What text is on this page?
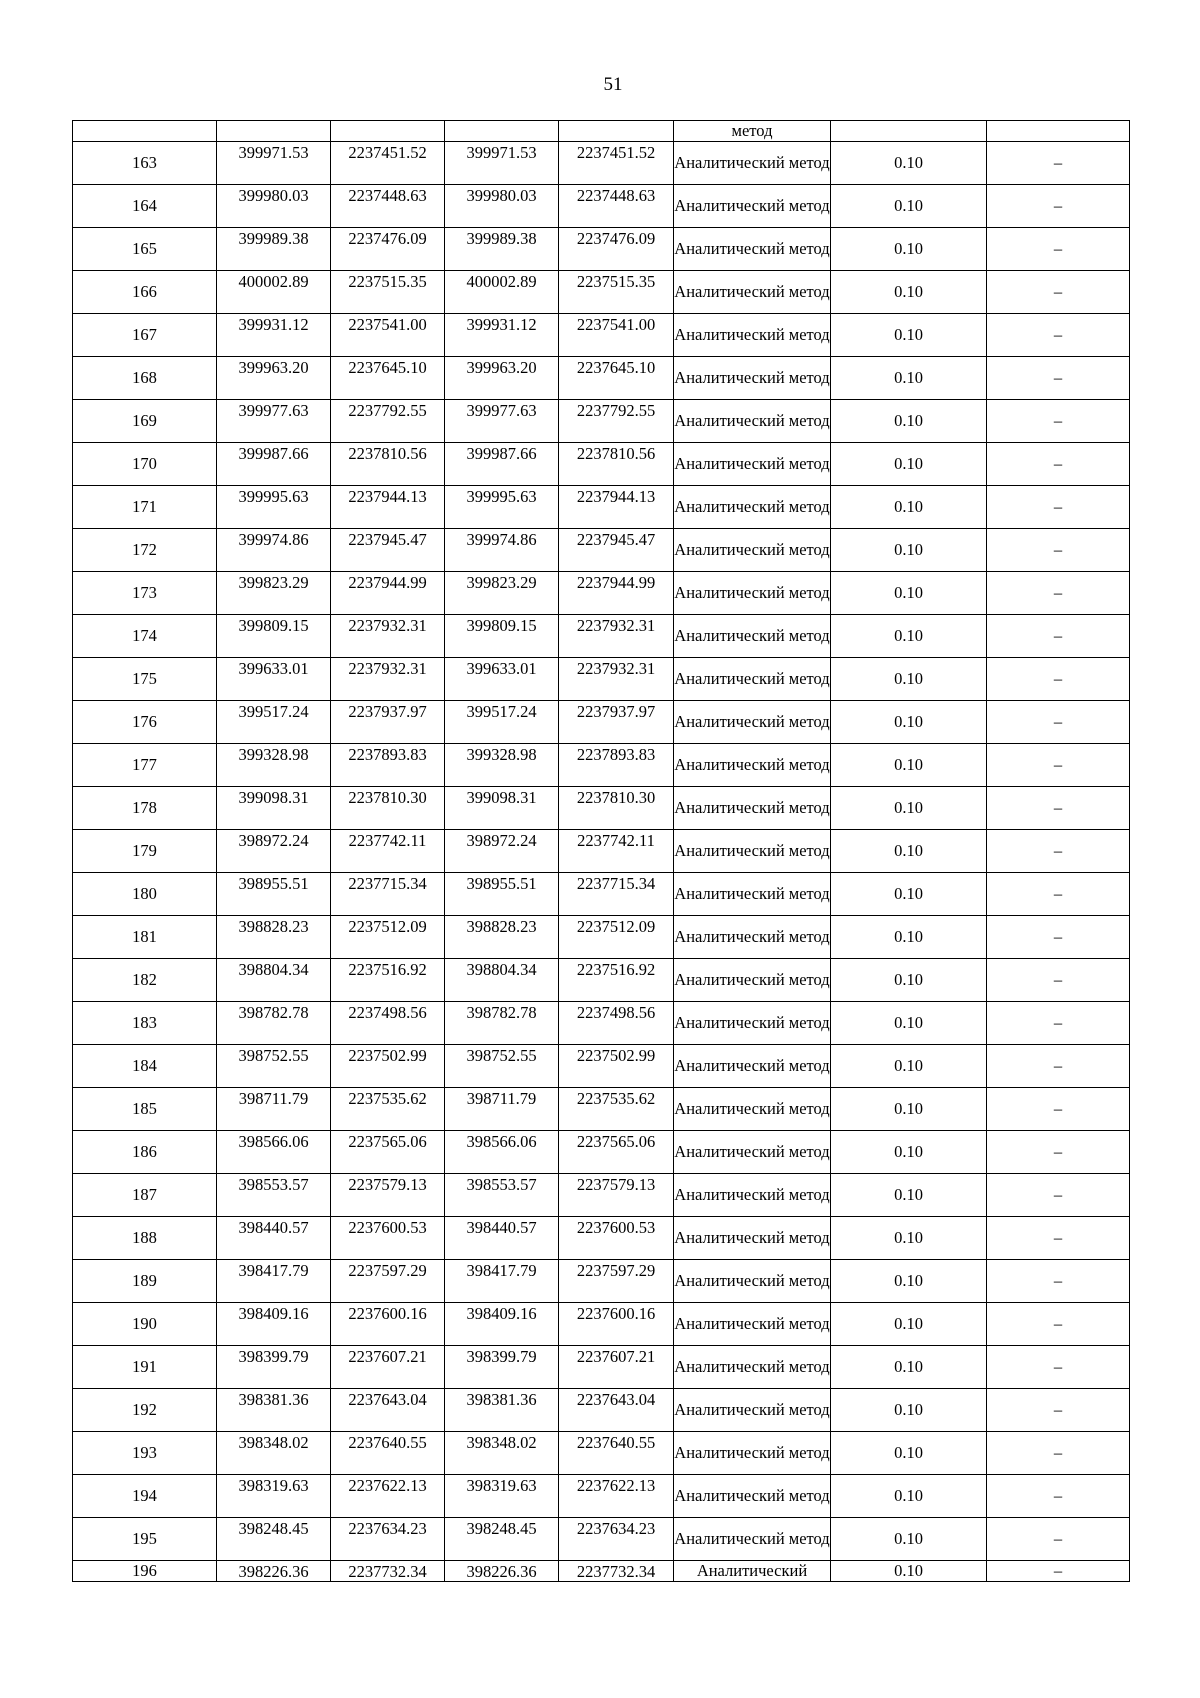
51
					метод		
163	399971.53	2237451.52	399971.53	2237451.52	Аналитический метод	0.10	–
164	399980.03	2237448.63	399980.03	2237448.63	Аналитический метод	0.10	–
165	399989.38	2237476.09	399989.38	2237476.09	Аналитический метод	0.10	–
166	400002.89	2237515.35	400002.89	2237515.35	Аналитический метод	0.10	–
167	399931.12	2237541.00	399931.12	2237541.00	Аналитический метод	0.10	–
168	399963.20	2237645.10	399963.20	2237645.10	Аналитический метод	0.10	–
169	399977.63	2237792.55	399977.63	2237792.55	Аналитический метод	0.10	–
170	399987.66	2237810.56	399987.66	2237810.56	Аналитический метод	0.10	–
171	399995.63	2237944.13	399995.63	2237944.13	Аналитический метод	0.10	–
172	399974.86	2237945.47	399974.86	2237945.47	Аналитический метод	0.10	–
173	399823.29	2237944.99	399823.29	2237944.99	Аналитический метод	0.10	–
174	399809.15	2237932.31	399809.15	2237932.31	Аналитический метод	0.10	–
175	399633.01	2237932.31	399633.01	2237932.31	Аналитический метод	0.10	–
176	399517.24	2237937.97	399517.24	2237937.97	Аналитический метод	0.10	–
177	399328.98	2237893.83	399328.98	2237893.83	Аналитический метод	0.10	–
178	399098.31	2237810.30	399098.31	2237810.30	Аналитический метод	0.10	–
179	398972.24	2237742.11	398972.24	2237742.11	Аналитический метод	0.10	–
180	398955.51	2237715.34	398955.51	2237715.34	Аналитический метод	0.10	–
181	398828.23	2237512.09	398828.23	2237512.09	Аналитический метод	0.10	–
182	398804.34	2237516.92	398804.34	2237516.92	Аналитический метод	0.10	–
183	398782.78	2237498.56	398782.78	2237498.56	Аналитический метод	0.10	–
184	398752.55	2237502.99	398752.55	2237502.99	Аналитический метод	0.10	–
185	398711.79	2237535.62	398711.79	2237535.62	Аналитический метод	0.10	–
186	398566.06	2237565.06	398566.06	2237565.06	Аналитический метод	0.10	–
187	398553.57	2237579.13	398553.57	2237579.13	Аналитический метод	0.10	–
188	398440.57	2237600.53	398440.57	2237600.53	Аналитический метод	0.10	–
189	398417.79	2237597.29	398417.79	2237597.29	Аналитический метод	0.10	–
190	398409.16	2237600.16	398409.16	2237600.16	Аналитический метод	0.10	–
191	398399.79	2237607.21	398399.79	2237607.21	Аналитический метод	0.10	–
192	398381.36	2237643.04	398381.36	2237643.04	Аналитический метод	0.10	–
193	398348.02	2237640.55	398348.02	2237640.55	Аналитический метод	0.10	–
194	398319.63	2237622.13	398319.63	2237622.13	Аналитический метод	0.10	–
195	398248.45	2237634.23	398248.45	2237634.23	Аналитический метод	0.10	–
196	398226.36	2237732.34	398226.36	2237732.34	Аналитический	0.10	–
